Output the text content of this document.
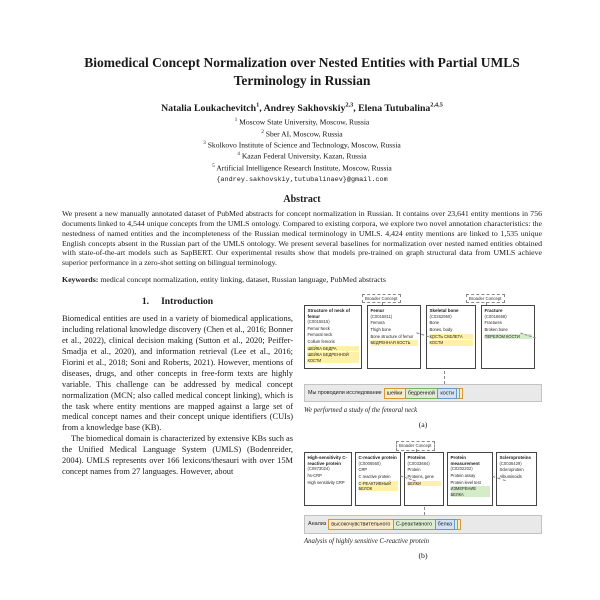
Biomedical Concept Normalization over Nested Entities with Partial UMLS Terminology in Russian
Natalia Loukachevitch$^1$, Andrey Sakhovskiy$^{2,3}$, Elena Tutubalina$^{2,4,5}$
$^1$ Moscow State University, Moscow, Russia
$^2$ Sber AI, Moscow, Russia
$^3$ Skolkovo Institute of Science and Technology, Moscow, Russia
$^4$ Kazan Federal University, Kazan, Russia
$^5$ Artificial Intelligence Research Institute, Moscow, Russia
{andrey.sakhovskiy,tutubalinaev}@gmail.com
Abstract
We present a new manually annotated dataset of PubMed abstracts for concept normalization in Russian. It contains over 23,641 entity mentions in 756 documents linked to 4,544 unique concepts from the UMLS ontology. Compared to existing corpora, we explore two novel annotation characteristics: the nestedness of named entities and the incompleteness of the Russian medical terminology in UMLS. 4,424 entity mentions are linked to 1,535 unique English concepts absent in the Russian part of the UMLS ontology. We present several baselines for normalization over nested named entities obtained with state-of-the-art models such as SapBERT. Our experimental results show that models pre-trained on graph structural data from UMLS achieve superior performance in a zero-shot setting on bilingual terminology.
Keywords: medical concept normalization, entity linking, dataset, Russian language, PubMed abstracts
1. Introduction
Biomedical entities are used in a variety of biomedical applications, including relational knowledge discovery (Chen et al., 2016; Bonner et al., 2022), clinical decision making (Sutton et al., 2020; Peiffer-Smadja et al., 2020), and information retrieval (Lee et al., 2016; Fiorini et al., 2018; Soni and Roberts, 2021). However, mentions of diseases, drugs, and other concepts in free-form texts are highly variable. This challenge can be addressed by medical concept normalization (MCN; also called medical concept linking), which is the task where entity mentions are mapped against a large set of medical concept names and their concept unique identifiers (CUIs) from a knowledge base (KB).
The biomedical domain is characterized by extensive KBs such as the Unified Medical Language System (UMLS) (Bodenreider, 2004). UMLS represents over 166 lexicons/thesauri with over 15M concept names from 27 languages. However, about
Broader Concept	Broader Concept
Structure of neck of femur
(C0015815)
Femur Neck
Femoral neck
Collum femoris
ШЕЙКА БЕДРА
ШЕЙКА БЕДРЕННОЙ КОСТИ
Femur
(C0015811)
Femora
Thigh bone
Bone structure of femur
БЕДРЕННАЯ КОСТЬ
Skeletal bone
(C0262950)
Bone
Bones, body
КОСТЬ СКЕЛЕТА
КОСТИ
Fracture
(C0016658)
Fractures
Broken bone
ПЕРЕЛОМ КОСТИ
Мы проводили исследование шейки бедренной кости
We performed a study of the femoral neck
(a)
Broader Concept
High-sensitivity C-reactive protein
(C0873024)
hs-CRP
High sensitivity CRP
C-reactive protein
(C0006560)
CRP
C reactive protein
С-РЕАКТИВНЫЙ БЕЛОК
Proteins
(C0033684)
Protein
Proteins, gene
БЕЛКИ
Protein measurement
(C0202202)
Protein assay
Protein level test
ИЗМЕРЕНИЕ БЕЛКА
Scleroproteins
(C0036429)
Scleroprotein
Albuminoids
Анализ высокочувствительного С-реактивного белка
Analysis of highly sensitive C-reactive protein
(b)
